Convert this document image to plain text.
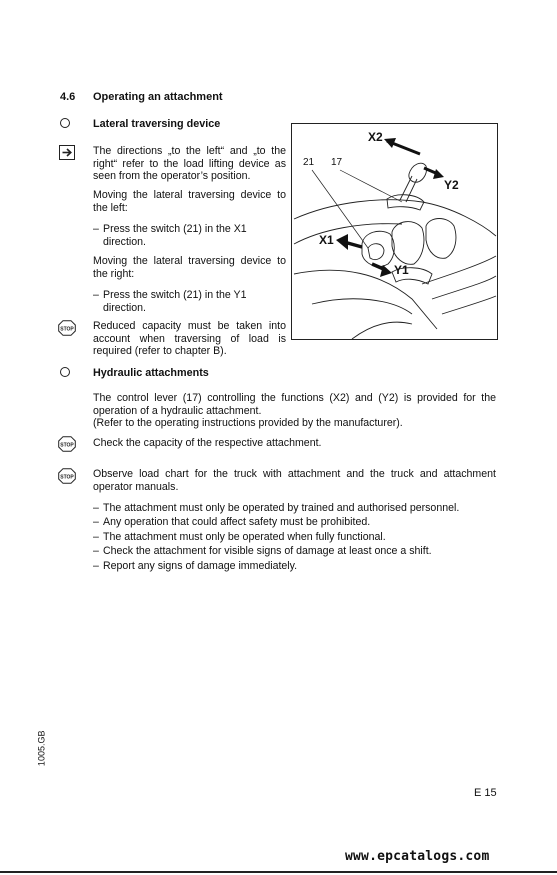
4.6 Operating an attachment
Lateral traversing device
The directions „to the left“ and „to the right“ refer to the load lifting device as seen from the operator’s position.
Moving the lateral traversing device to the left:
– Press the switch (21) in the X1 direction.
Moving the lateral traversing device to the right:
– Press the switch (21) in the Y1 direction.
STOP Reduced capacity must be taken into account when traversing of load is required (refer to chapter B).
X2
Y2
X1
Y1
21 17
Hydraulic attachments
The control lever (17) controlling the functions (X2) and (Y2) is provided for the operation of a hydraulic attachment.
(Refer to the operating instructions provided by the manufacturer).
STOP Check the capacity of the respective attachment.
STOP Observe load chart for the truck with attachment and the truck and attachment operator manuals.
– The attachment must only be operated by trained and authorised personnel.
– Any operation that could affect safety must be prohibited.
– The attachment must only be operated when fully functional.
– Check the attachment for visible signs of damage at least once a shift.
– Report any signs of damage immediately.
1005.GB
E 15
www.epcatalogs.com
